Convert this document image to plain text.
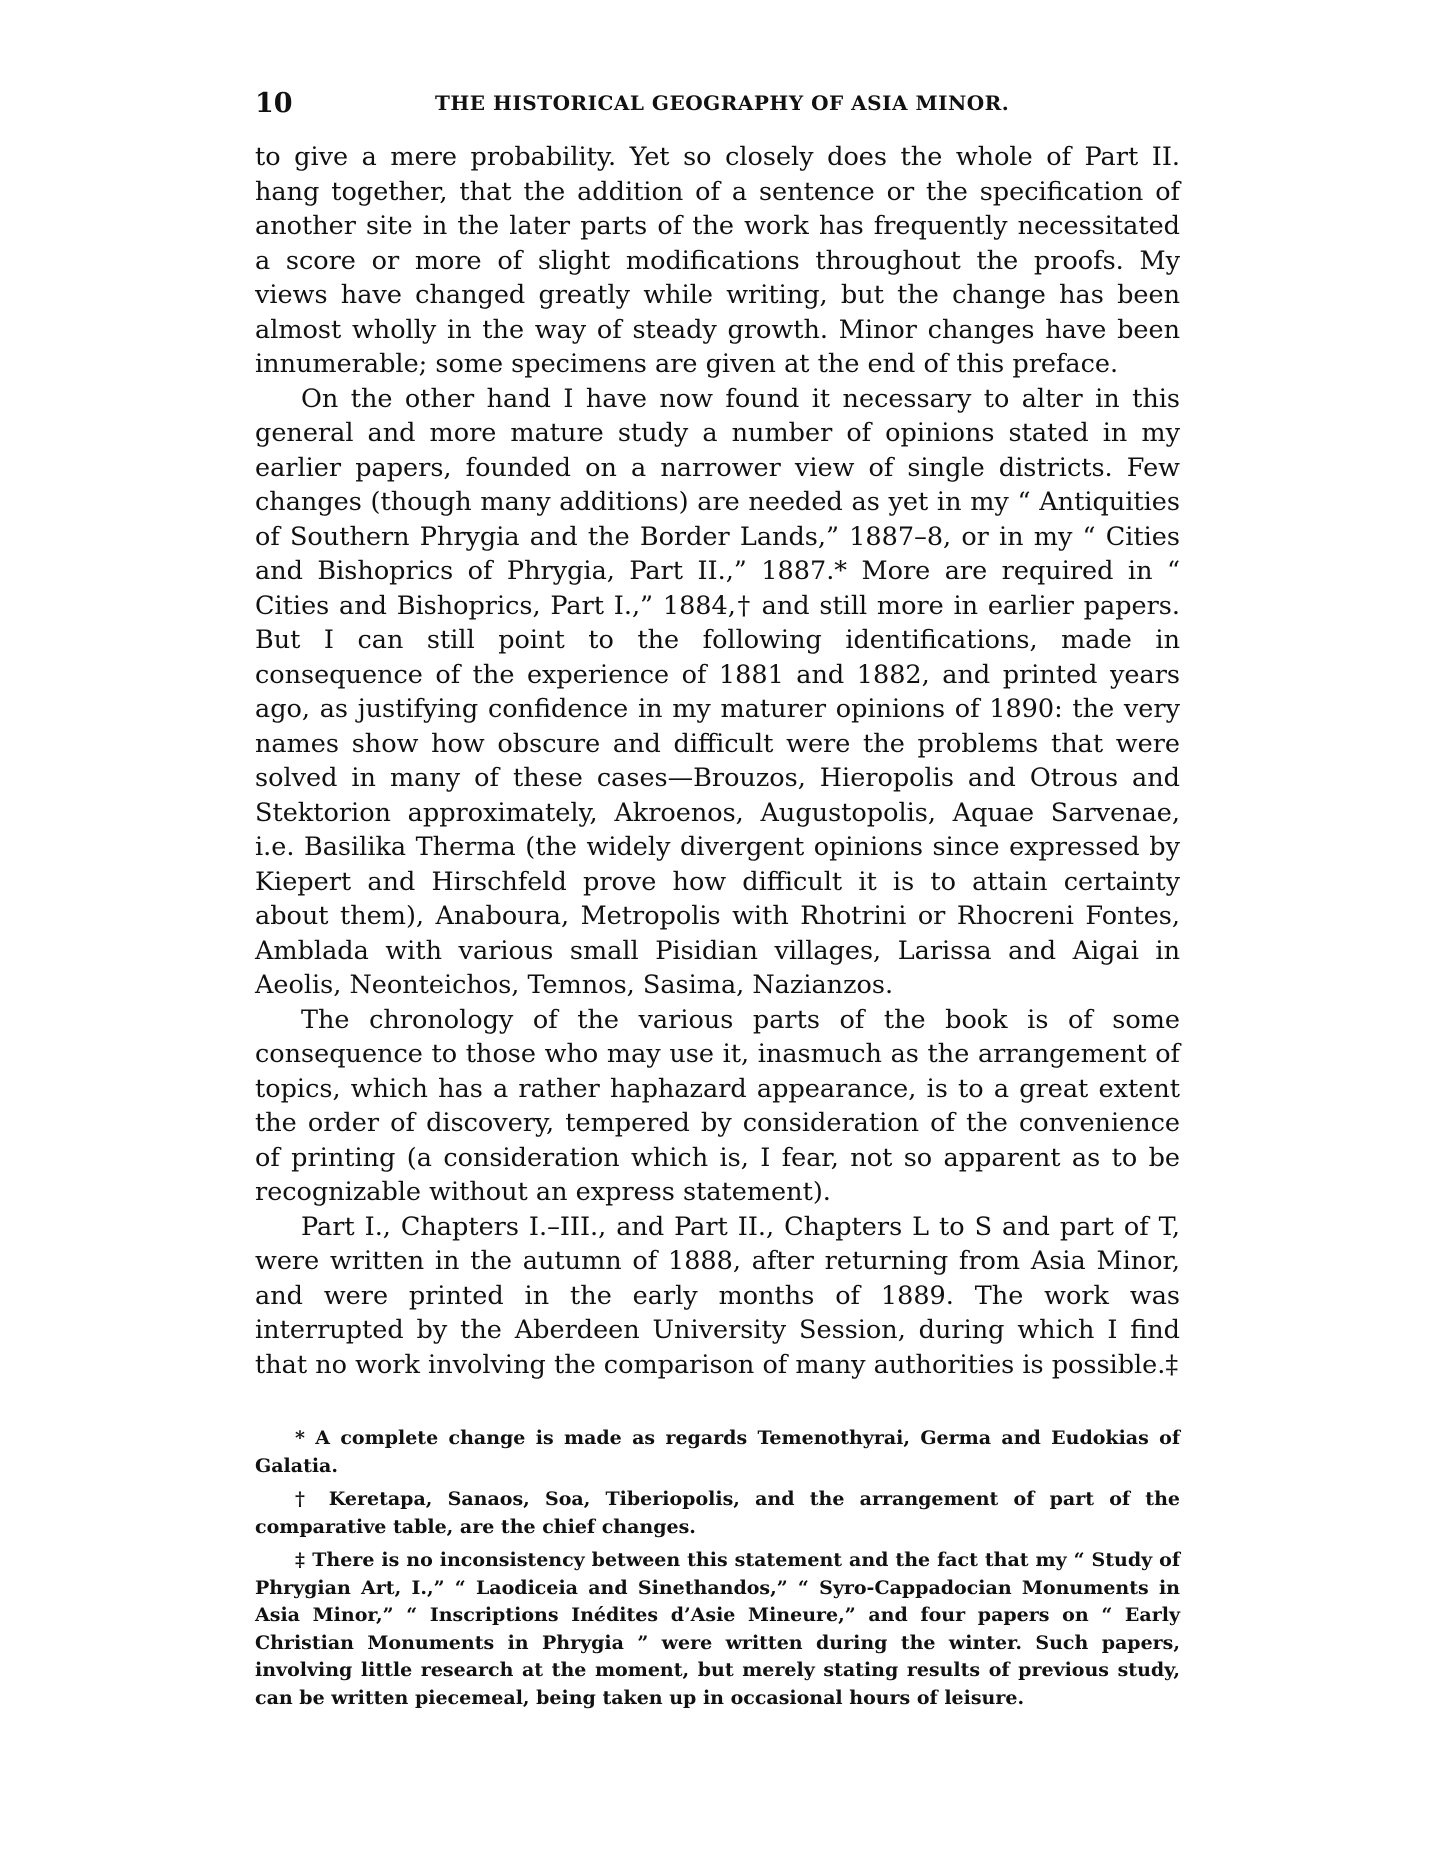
10	THE HISTORICAL GEOGRAPHY OF ASIA MINOR.

to give a mere probability. Yet so closely does the whole of Part II. hang together, that the addition of a sentence or the specification of another site in the later parts of the work has frequently necessitated a score or more of slight modifications throughout the proofs. My views have changed greatly while writing, but the change has been almost wholly in the way of steady growth. Minor changes have been innumerable; some specimens are given at the end of this preface.

On the other hand I have now found it necessary to alter in this general and more mature study a number of opinions stated in my earlier papers, founded on a narrower view of single districts. Few changes (though many additions) are needed as yet in my “ Antiquities of Southern Phrygia and the Border Lands,” 1887–8, or in my “ Cities and Bishoprics of Phrygia, Part II.,” 1887.* More are required in “ Cities and Bishoprics, Part I.,” 1884,† and still more in earlier papers. But I can still point to the following identifications, made in consequence of the experience of 1881 and 1882, and printed years ago, as justifying confidence in my maturer opinions of 1890: the very names show how obscure and difficult were the problems that were solved in many of these cases—Brouzos, Hieropolis and Otrous and Stektorion approximately, Akroenos, Augustopolis, Aquae Sarvenae, i.e. Basilika Therma (the widely divergent opinions since expressed by Kiepert and Hirschfeld prove how difficult it is to attain certainty about them), Anaboura, Metropolis with Rhotrini or Rhocreni Fontes, Amblada with various small Pisidian villages, Larissa and Aigai in Aeolis, Neonteichos, Temnos, Sasima, Nazianzos.

The chronology of the various parts of the book is of some consequence to those who may use it, inasmuch as the arrangement of topics, which has a rather haphazard appearance, is to a great extent the order of discovery, tempered by consideration of the convenience of printing (a consideration which is, I fear, not so apparent as to be recognizable without an express statement).

Part I., Chapters I.–III., and Part II., Chapters L to S and part of T, were written in the autumn of 1888, after returning from Asia Minor, and were printed in the early months of 1889. The work was interrupted by the Aberdeen University Session, during which I find that no work involving the comparison of many authorities is possible.‡

* A complete change is made as regards Temenothyrai, Germa and Eudokias of Galatia.

† Keretapa, Sanaos, Soa, Tiberiopolis, and the arrangement of part of the comparative table, are the chief changes.

‡ There is no inconsistency between this statement and the fact that my “ Study of Phrygian Art, I.,” “ Laodiceia and Sinethandos,” “ Syro-Cappadocian Monuments in Asia Minor,” “ Inscriptions Inédites d’Asie Mineure,” and four papers on “ Early Christian Monuments in Phrygia ” were written during the winter. Such papers, involving little research at the moment, but merely stating results of previous study, can be written piecemeal, being taken up in occasional hours of leisure.
